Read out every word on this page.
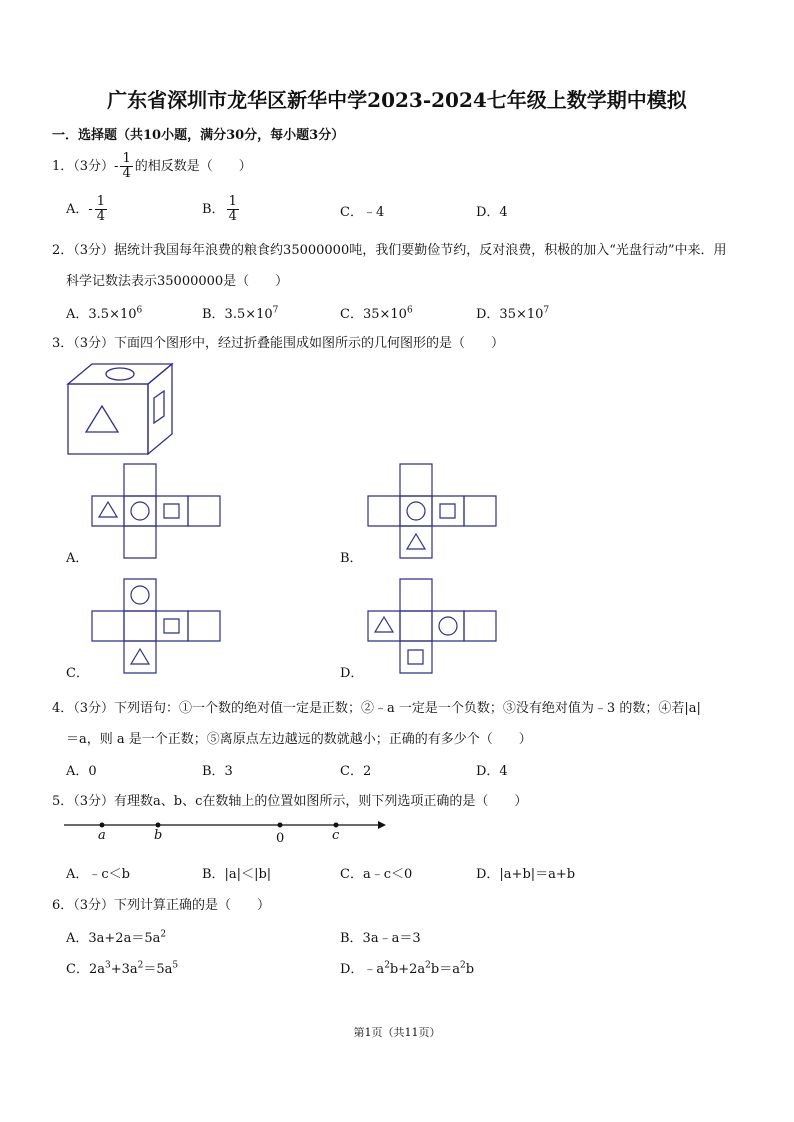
广东省深圳市龙华区新华中学2023-2024七年级上数学期中模拟
一．选择题（共10小题，满分30分，每小题3分）
1．（3分）- $\frac{1}{4}$ 的相反数是（　　）
A．- $\frac{1}{4}$	B． $\frac{1}{4}$	C．﹣4	D．4
2．（3分）据统计我国每年浪费的粮食约35000000吨，我们要勤俭节约，反对浪费，积极的加入“光盘行动”中来．用
科学记数法表示35000000是（　　）
A．$3.5\times 10^6$	B．$3.5\times 10^7$	C．$35\times 10^6$	D．$35\times 10^7$
3．（3分）下面四个图形中，经过折叠能围成如图所示的几何图形的是（　　）
A．	B．
C．	D．
4．（3分）下列语句：①一个数的绝对值一定是正数；②﹣a 一定是一个负数；③没有绝对值为﹣3 的数；④若|a|
＝a，则 a 是一个正数；⑤离原点左边越远的数就越小；正确的有多少个（　　）
A．0	B．3	C．2	D．4
5．（3分）有理数a、b、c在数轴上的位置如图所示，则下列选项正确的是（　　）
a	b	0	c
A．﹣c＜b	B．|a|＜|b|	C．a﹣c＜0	D．|a+b|＝a+b
6．（3分）下列计算正确的是（　　）
A．$3a+2a=5a^2$	B．3a﹣a＝3
C．$2a^3+3a^2=5a^5$	D．$﹣a^2b+2a^2b=a^2b$
第1页（共11页）
